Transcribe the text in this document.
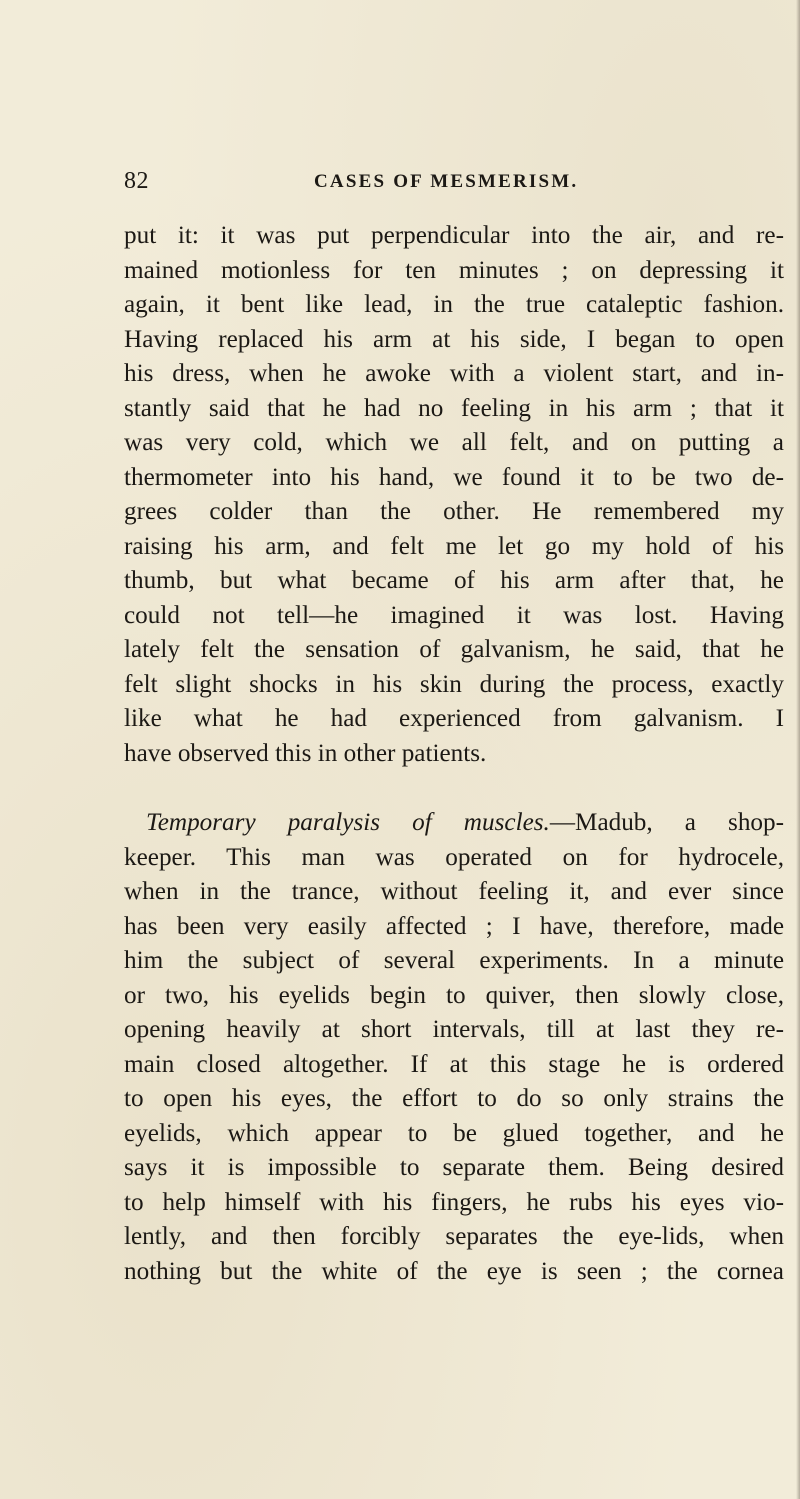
82	CASES OF MESMERISM.
put it: it was put perpendicular into the air, and re-
mained motionless for ten minutes ; on depressing it
again, it bent like lead, in the true cataleptic fashion.
Having replaced his arm at his side, I began to open
his dress, when he awoke with a violent start, and in-
stantly said that he had no feeling in his arm ; that it
was very cold, which we all felt, and on putting a
thermometer into his hand, we found it to be two de-
grees colder than the other. He remembered my
raising his arm, and felt me let go my hold of his
thumb, but what became of his arm after that, he
could not tell—he imagined it was lost. Having
lately felt the sensation of galvanism, he said, that he
felt slight shocks in his skin during the process, exactly
like what he had experienced from galvanism. I
have observed this in other patients.
Temporary paralysis of muscles.—Madub, a shop-
keeper. This man was operated on for hydrocele,
when in the trance, without feeling it, and ever since
has been very easily affected ; I have, therefore, made
him the subject of several experiments. In a minute
or two, his eyelids begin to quiver, then slowly close,
opening heavily at short intervals, till at last they re-
main closed altogether. If at this stage he is ordered
to open his eyes, the effort to do so only strains the
eyelids, which appear to be glued together, and he
says it is impossible to separate them. Being desired
to help himself with his fingers, he rubs his eyes vio-
lently, and then forcibly separates the eye-lids, when
nothing but the white of the eye is seen ; the cornea
